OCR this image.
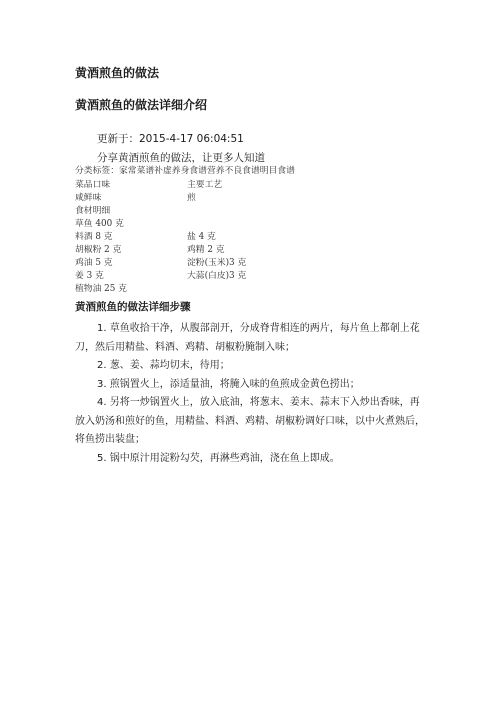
黄酒煎鱼的做法
黄酒煎鱼的做法详细介绍
更新于：2015-4-17 06:04:51
分享黄酒煎鱼的做法，让更多人知道
分类标签：家常菜谱补虚养身食谱营养不良食谱明目食谱
菜品口味	主要工艺
咸鲜味	煎
食材明细
草鱼 400 克
料酒 8 克	盐 4 克
胡椒粉 2 克	鸡精 2 克
鸡油 5 克	淀粉(玉米)3 克
姜 3 克	大蒜(白皮)3 克
植物油 25 克
黄酒煎鱼的做法详细步骤

1. 草鱼收拾干净，从腹部剖开，分成脊背相连的两片，每片鱼上都剞上花刀，然后用精盐、料酒、鸡精、胡椒粉腌制入味；

2. 葱、姜、蒜均切末，待用；

3. 煎锅置火上，添适量油，将腌入味的鱼煎成金黄色捞出；

4. 另将一炒锅置火上，放入底油，将葱末、姜末、蒜末下入炒出香味，再放入奶汤和煎好的鱼，用精盐、料酒、鸡精、胡椒粉调好口味，以中火煮熟后，将鱼捞出装盘；

5. 锅中原汁用淀粉勾芡，再淋些鸡油，浇在鱼上即成。
